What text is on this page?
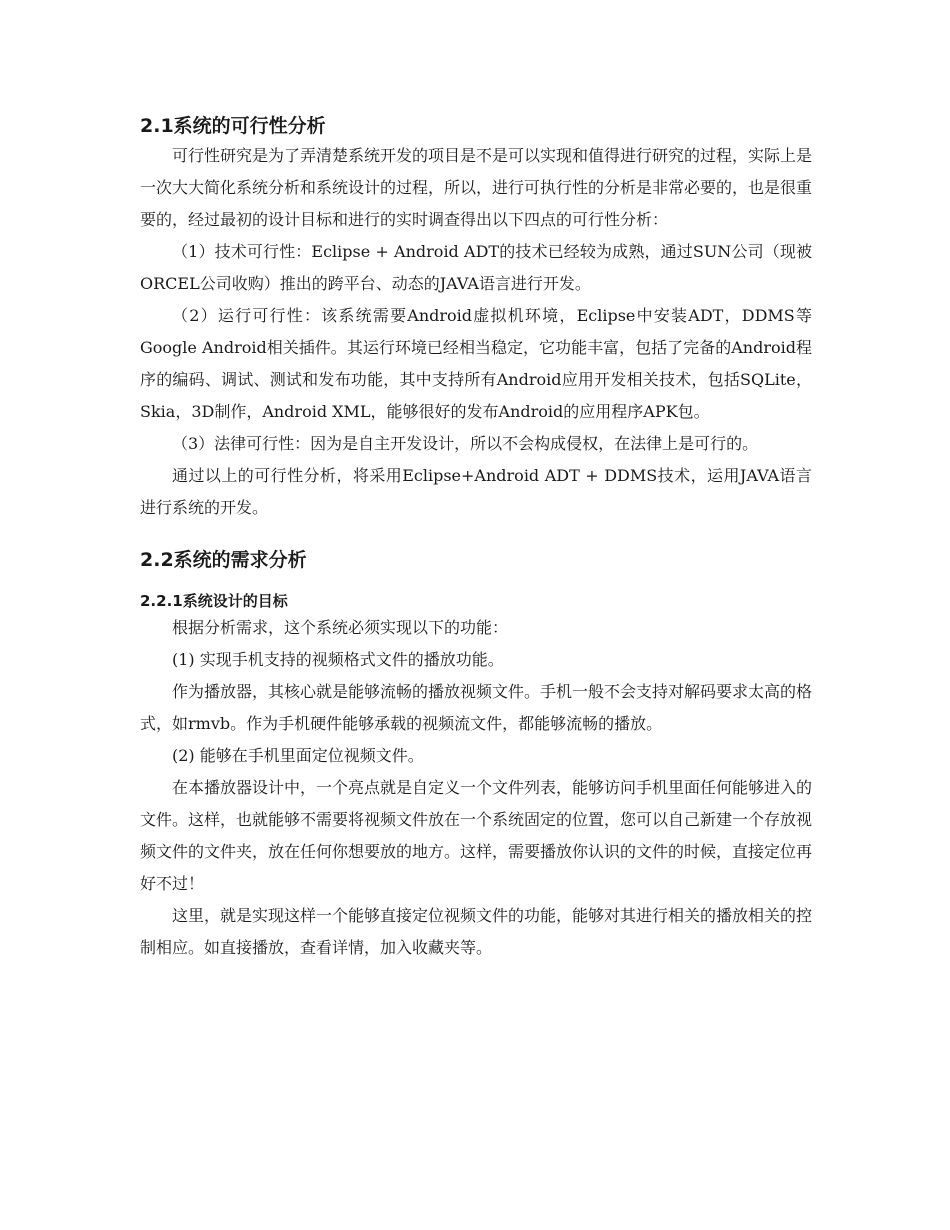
2.1系统的可行性分析

可行性研究是为了弄清楚系统开发的项目是不是可以实现和值得进行研究的过程，实际上是一次大大简化系统分析和系统设计的过程，所以，进行可执行性的分析是非常必要的，也是很重要的，经过最初的设计目标和进行的实时调查得出以下四点的可行性分析：

（1）技术可行性：Eclipse + Android ADT的技术已经较为成熟，通过SUN公司（现被ORCEL公司收购）推出的跨平台、动态的JAVA语言进行开发。

（2）运行可行性：该系统需要Android虚拟机环境，Eclipse中安装ADT，DDMS等Google Android相关插件。其运行环境已经相当稳定，它功能丰富，包括了完备的Android程序的编码、调试、测试和发布功能，其中支持所有Android应用开发相关技术，包括SQLite，Skia，3D制作，Android XML，能够很好的发布Android的应用程序APK包。

（3）法律可行性：因为是自主开发设计，所以不会构成侵权，在法律上是可行的。

通过以上的可行性分析，将采用Eclipse+Android ADT + DDMS技术，运用JAVA语言进行系统的开发。

2.2系统的需求分析
2.2.1系统设计的目标

根据分析需求，这个系统必须实现以下的功能：

(1) 实现手机支持的视频格式文件的播放功能。

作为播放器，其核心就是能够流畅的播放视频文件。手机一般不会支持对解码要求太高的格式，如rmvb。作为手机硬件能够承载的视频流文件，都能够流畅的播放。

(2) 能够在手机里面定位视频文件。

在本播放器设计中，一个亮点就是自定义一个文件列表，能够访问手机里面任何能够进入的文件。这样，也就能够不需要将视频文件放在一个系统固定的位置，您可以自己新建一个存放视频文件的文件夹，放在任何你想要放的地方。这样，需要播放你认识的文件的时候，直接定位再好不过！

这里，就是实现这样一个能够直接定位视频文件的功能，能够对其进行相关的播放相关的控制相应。如直接播放，查看详情，加入收藏夹等。
